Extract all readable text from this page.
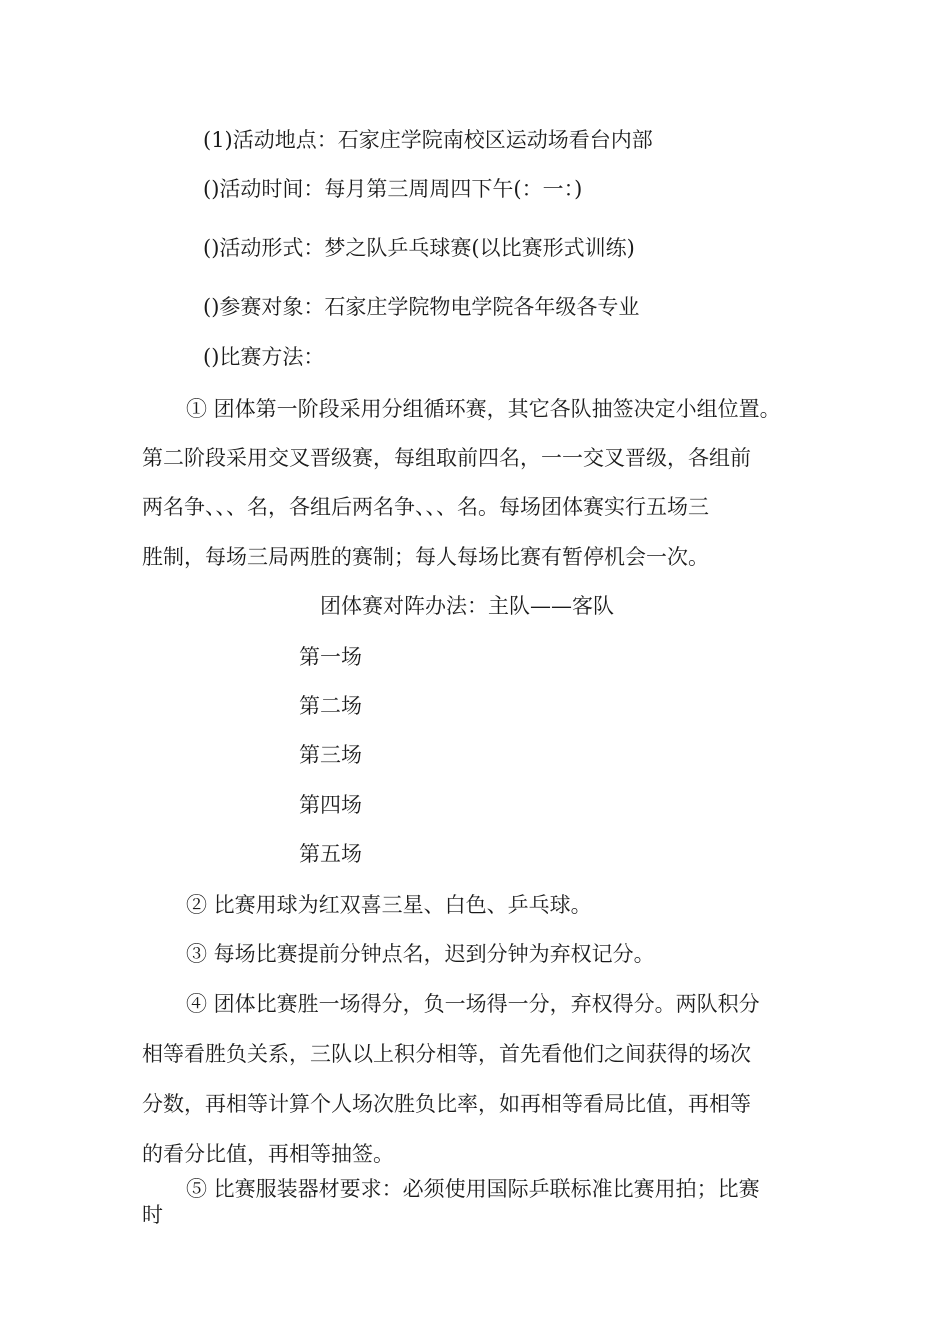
(1)活动地点：石家庄学院南校区运动场看台内部

()活动时间：每月第三周周四下午(：一：)

()活动形式：梦之队乒乓球赛(以比赛形式训练)

()参赛对象：石家庄学院物电学院各年级各专业

()比赛方法：

① 团体第一阶段采用分组循环赛，其它各队抽签决定小组位置。

第二阶段采用交叉晋级赛，每组取前四名，一一交叉晋级，各组前

两名争、、、名，各组后两名争、、、名。每场团体赛实行五场三

胜制，每场三局两胜的赛制；每人每场比赛有暂停机会一次。

团体赛对阵办法：主队——客队

第一场

第二场

第三场

第四场

第五场

② 比赛用球为红双喜三星、白色、乒乓球。

③ 每场比赛提前分钟点名，迟到分钟为弃权记分。

④ 团体比赛胜一场得分，负一场得一分，弃权得分。两队积分

相等看胜负关系，三队以上积分相等，首先看他们之间获得的场次

分数，再相等计算个人场次胜负比率，如再相等看局比值，再相等

的看分比值，再相等抽签。

⑤ 比赛服装器材要求：必须使用国际乒联标准比赛用拍；比赛

时
